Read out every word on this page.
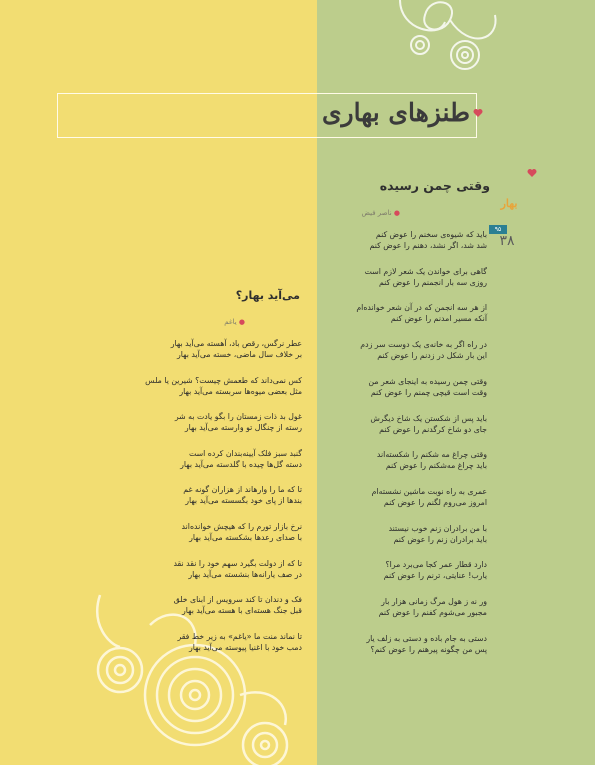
طنزهای بهاری
بهار
۹۵
۳۸
وقتی چمن رسیده
● ناصر فیض
باید که شیوه‌ی سخنم را عوض کنم
شد شد، اگر نشد، دهنم را عوض کنم
گاهی برای خواندن یک شعر لازم است
روزی سه بار انجمنم را عوض کنم
از هر سه انجمن که در آن شعر خوانده‌ام
آنکه مسیر امدنم را عوض کنم
در راه اگر به خانه‌ی یک دوست سر زدم
این بار شکل در زدنم را عوض کنم
وقتی چمن رسیده به اینجای شعر من
وقت است قیچی چمنم را عوض کنم
باید پس از شکستن یک شاخ دیگرش
جای دو شاخ کرگدنم را عوض کنم
وقتی چراغ مه شکنم را شکسته‌اند
باید چراغ مه‌شکنم را عوض کنم
عمری به راه نوبت ماشین نشسته‌ام
امروز می‌روم لگنم را عوض کنم
با من برادران زنم خوب نیستند
باید برادران زنم را عوض کنم
دارد قطار عمر کجا می‌برد مرا؟
یارب! عنایتی، ترنم را عوض کنم
ور نه ز هول مرگ زمانی هزار بار
مجبور می‌شوم کفنم را عوض کنم
دستی به جام باده و دستی به زلف یار
پس من چگونه پیرهنم را عوض کنم؟
می‌آید بهار؟
● یاغم
عطر نرگس، رقص باد، آهسته می‌آید بهار
بر خلاف سال ماضی، خسته می‌آید بهار
کس نمی‌داند که طعمش چیست؟ شیرین یا ملس
مثل بعضی میوه‌ها سربسته می‌آید بهار
غول بد ذات زمستان را بگو یادت به شر
رسته از چنگال تو وارسته می‌آید بهار
گنبد سبز فلک آیینه‌بندان کرده است
دسته گل‌ها چیده با گلدسته می‌آید بهار
تا که ما را وارهاند از هزاران گونه غم
بندها از پای خود بگسسته می‌آید بهار
نرخ بازار تورم را که هیچش خوانده‌اند
با صدای رعدها بشکسته می‌آید بهار
تا که از دولت بگیرد سهم خود را نقد نقد
در صف یارانه‌ها بنشسته می‌آید بهار
فک و دندان تا کند سرویس از ابنای خلق
قبل جنگ هسته‌ای با هسته می‌آید بهار
تا نماند منت ما «یاغم» به زیر خط فقر
دمب خود با اغنیا پیوسته می‌آید بهار
